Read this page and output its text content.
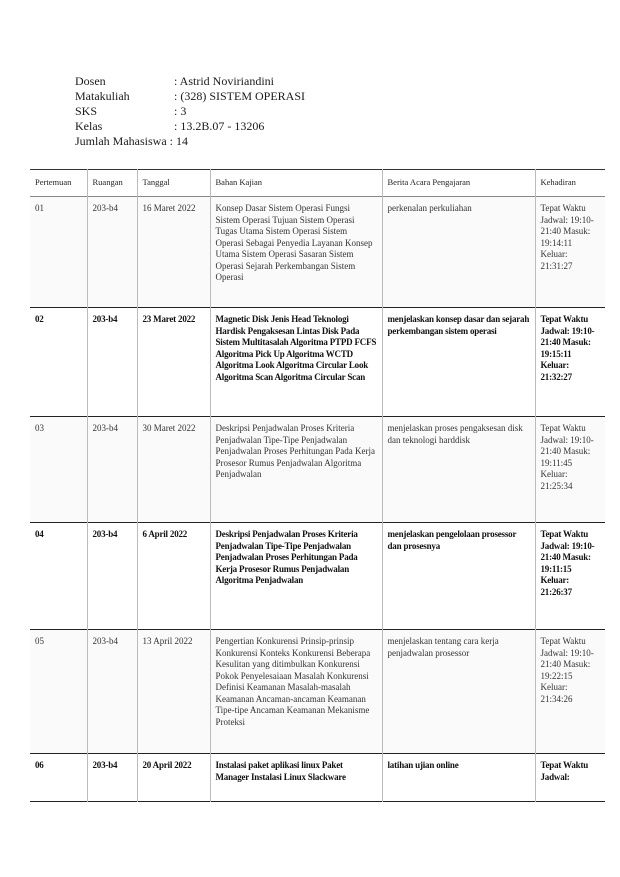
Dosen	: Astrid Noviriandini
Matakuliah	: (328) SISTEM OPERASI
SKS	: 3
Kelas	: 13.2B.07 - 13206
Jumlah Mahasiswa : 14
Pertemuan	Ruangan	Tanggal	Bahan Kajian	Berita Acara Pengajaran	Kehadiran
01	203-b4	16 Maret 2022	Konsep Dasar Sistem Operasi Fungsi Sistem Operasi Tujuan Sistem Operasi Tugas Utama Sistem Operasi Sistem Operasi Sebagai Penyedia Layanan Konsep Utama Sistem Operasi Sasaran Sistem Operasi Sejarah Perkembangan Sistem Operasi	perkenalan perkuliahan	Tepat Waktu Jadwal: 19:10-21:40 Masuk: 19:14:11 Keluar: 21:31:27
02	203-b4	23 Maret 2022	Magnetic Disk Jenis Head Teknologi Hardisk Pengaksesan Lintas Disk Pada Sistem Multitasalah Algoritma PTPD FCFS Algoritma Pick Up Algoritma WCTD Algoritma Look Algoritma Circular Look Algoritma Scan Algoritma Circular Scan	menjelaskan konsep dasar dan sejarah perkembangan sistem operasi	Tepat Waktu Jadwal: 19:10-21:40 Masuk: 19:15:11 Keluar: 21:32:27
03	203-b4	30 Maret 2022	Deskripsi Penjadwalan Proses Kriteria Penjadwalan Tipe-Tipe Penjadwalan Penjadwalan Proses Perhitungan Pada Kerja Prosesor Rumus Penjadwalan Algoritma Penjadwalan	menjelaskan proses pengaksesan disk dan teknologi harddisk	Tepat Waktu Jadwal: 19:10-21:40 Masuk: 19:11:45 Keluar: 21:25:34
04	203-b4	6 April 2022	Deskripsi Penjadwalan Proses Kriteria Penjadwalan Tipe-Tipe Penjadwalan Penjadwalan Proses Perhitungan Pada Kerja Prosesor Rumus Penjadwalan Algoritma Penjadwalan	menjelaskan pengelolaan prosessor dan prosesnya	Tepat Waktu Jadwal: 19:10-21:40 Masuk: 19:11:15 Keluar: 21:26:37
05	203-b4	13 April 2022	Pengertian Konkurensi Prinsip-prinsip Konkurensi Konteks Konkurensi Beberapa Kesulitan yang ditimbulkan Konkurensi Pokok Penyelesaiaan Masalah Konkurensi Definisi Keamanan Masalah-masalah Keamanan Ancaman-ancaman Keamanan Tipe-tipe Ancaman Keamanan Mekanisme Proteksi	menjelaskan tentang cara kerja penjadwalan prosessor	Tepat Waktu Jadwal: 19:10-21:40 Masuk: 19:22:15 Keluar: 21:34:26
06	203-b4	20 April 2022	Instalasi paket aplikasi linux Paket Manager Instalasi Linux Slackware	latihan ujian online	Tepat Waktu Jadwal:
